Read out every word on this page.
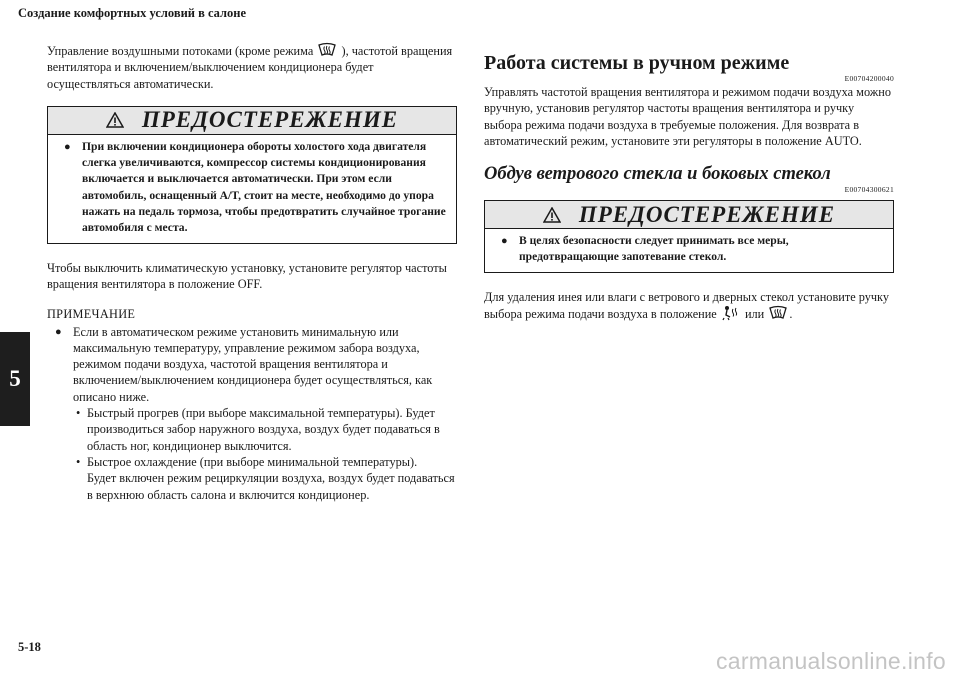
Создание комфортных условий в салоне
5
5-18
carmanualsonline.info

Управление воздушными потоками (кроме режима ), частотой вращения вентилятора и включением/выключением кондиционера будет осуществляться автоматически.

ПРЕДОСТЕРЕЖЕНИЕ
● При включении кондиционера обороты холостого хода двигателя слегка увеличиваются, компрессор системы кондиционирования включается и выключается автоматически. При этом если автомобиль, оснащенный A/T, стоит на месте, необходимо до упора нажать на педаль тормоза, чтобы предотвратить случайное трогание автомобиля с места.

Чтобы выключить климатическую установку, установите регулятор частоты вращения вентилятора в положение OFF.

ПРИМЕЧАНИЕ
● Если в автоматическом режиме установить минимальную или максимальную температуру, управление режимом забора воздуха, режимом подачи воздуха, частотой вращения вентилятора и включением/выключением кондиционера будет осуществляться, как описано ниже.
• Быстрый прогрев (при выборе максимальной температуры). Будет производиться забор наружного воздуха, воздух будет подаваться в область ног, кондиционер выключится.
• Быстрое охлаждение (при выборе минимальной температуры).
Будет включен режим рециркуляции воздуха, воздух будет подаваться в верхнюю область салона и включится кондиционер.
Работа системы в ручном режиме
E00704200040

Управлять частотой вращения вентилятора и режимом подачи воздуха можно вручную, установив регулятор частоты вращения вентилятора и ручку выбора режима подачи воздуха в требуемые положения. Для возврата в автоматический режим, установите эти регуляторы в положение AUTO.

Обдув ветрового стекла и боковых стекол
E00704300621
ПРЕДОСТЕРЕЖЕНИЕ
● В целях безопасности следует принимать все меры, предотвращающие запотевание стекол.

Для удаления инея или влаги с ветрового и дверных стекол установите ручку выбора режима подачи воздуха в положение или .
